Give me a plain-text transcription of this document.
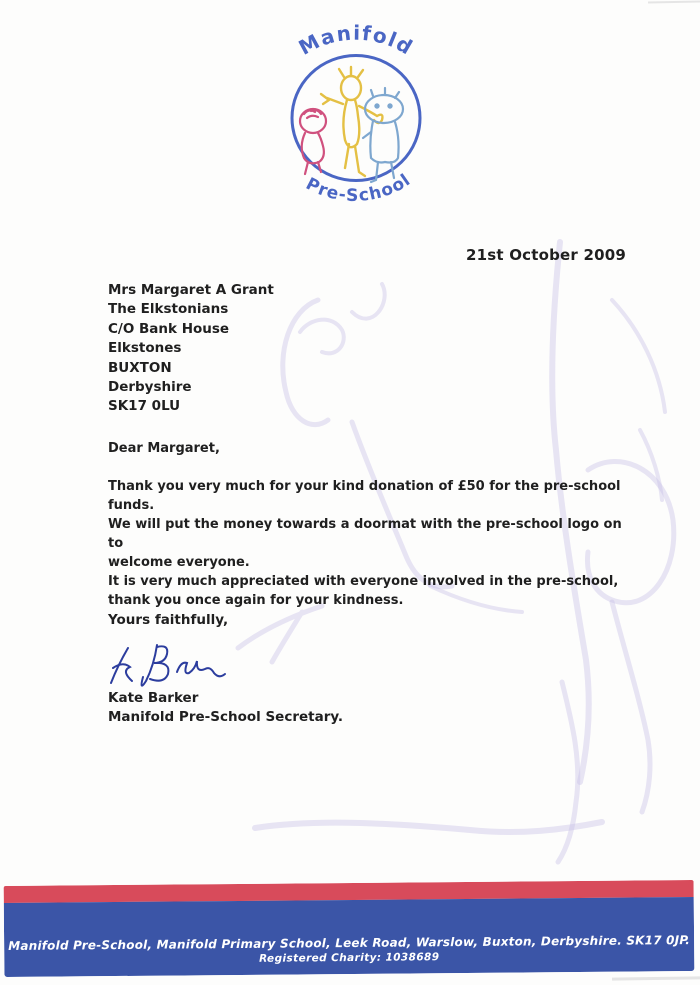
Manifold
Pre-School
21st October 2009
Mrs Margaret A Grant
The Elkstonians
C/O Bank House
Elkstones
BUXTON
Derbyshire
SK17 0LU
Dear Margaret,
Thank you very much for your kind donation of £50 for the pre-school
funds.
We will put the money towards a doormat with the pre-school logo on to
welcome everyone.
It is very much appreciated with everyone involved in the pre-school,
thank you once again for your kindness.
Yours faithfully,
Kate Barker
Manifold Pre-School Secretary.
Manifold Pre-School, Manifold Primary School, Leek Road, Warslow, Buxton, Derbyshire. SK17 0JP.
Registered Charity: 1038689
